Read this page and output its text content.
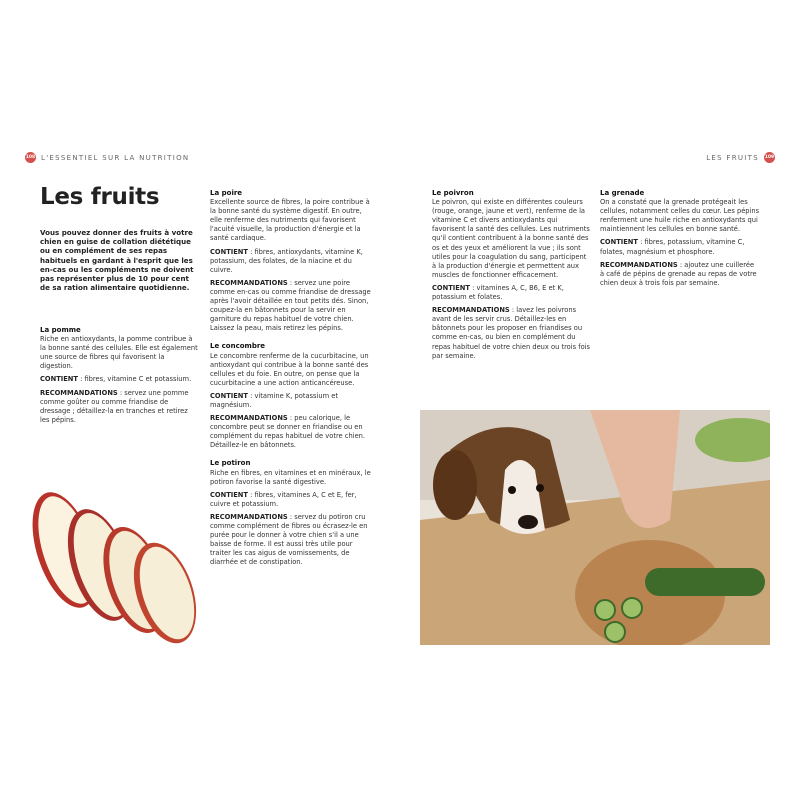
108 L'ESSENTIEL SUR LA NUTRITION
Les fruits
Vous pouvez donner des fruits à votre chien en guise de collation diététique ou en complément de ses repas habituels en gardant à l'esprit que les en-cas ou les compléments ne doivent pas représenter plus de 10 pour cent de sa ration alimentaire quotidienne.
LES FRUITS 109
La pomme

Riche en antioxydants, la pomme contribue à la bonne santé des cellules. Elle est également une source de fibres qui favorisent la digestion.

CONTIENT : fibres, vitamine C et potassium.

RECOMMANDATIONS : servez une pomme comme goûter ou comme friandise de dressage ; détaillez-la en tranches et retirez les pépins.

La poire

Excellente source de fibres, la poire contribue à la bonne santé du système digestif. En outre, elle renferme des nutriments qui favorisent l'acuité visuelle, la production d'énergie et la santé cardiaque.

CONTIENT : fibres, antioxydants, vitamine K, potassium, des folates, de la niacine et du cuivre.

RECOMMANDATIONS : servez une poire comme en-cas ou comme friandise de dressage après l'avoir détaillée en tout petits dés. Sinon, coupez-la en bâtonnets pour la servir en garniture du repas habituel de votre chien. Laissez la peau, mais retirez les pépins.

Le concombre

Le concombre renferme de la cucurbitacine, un antioxydant qui contribue à la bonne santé des cellules et du foie. En outre, on pense que la cucurbitacine a une action anticancéreuse.

CONTIENT : vitamine K, potassium et magnésium.

RECOMMANDATIONS : peu calorique, le concombre peut se donner en friandise ou en complément du repas habituel de votre chien. Détaillez-le en bâtonnets.

Le potiron

Riche en fibres, en vitamines et en minéraux, le potiron favorise la santé digestive.

CONTIENT : fibres, vitamines A, C et E, fer, cuivre et potassium.

RECOMMANDATIONS : servez du potiron cru comme complément de fibres ou écrasez-le en purée pour le donner à votre chien s'il a une baisse de forme. Il est aussi très utile pour traiter les cas aigus de vomissements, de diarrhée et de constipation.

Le poivron

Le poivron, qui existe en différentes couleurs (rouge, orange, jaune et vert), renferme de la vitamine C et divers antioxydants qui favorisent la santé des cellules. Les nutriments qu'il contient contribuent à la bonne santé des os et des yeux et améliorent la vue ; ils sont utiles pour la coagulation du sang, participent à la production d'énergie et permettent aux muscles de fonctionner efficacement.

CONTIENT : vitamines A, C, B6, E et K, potassium et folates.

RECOMMANDATIONS : lavez les poivrons avant de les servir crus. Détaillez-les en bâtonnets pour les proposer en friandises ou comme en-cas, ou bien en complément du repas habituel de votre chien deux ou trois fois par semaine.

La grenade

On a constaté que la grenade protégeait les cellules, notamment celles du cœur. Les pépins renferment une huile riche en antioxydants qui maintiennent les cellules en bonne santé.

CONTIENT : fibres, potassium, vitamine C, folates, magnésium et phosphore.

RECOMMANDATIONS : ajoutez une cuillerée à café de pépins de grenade au repas de votre chien deux à trois fois par semaine.
